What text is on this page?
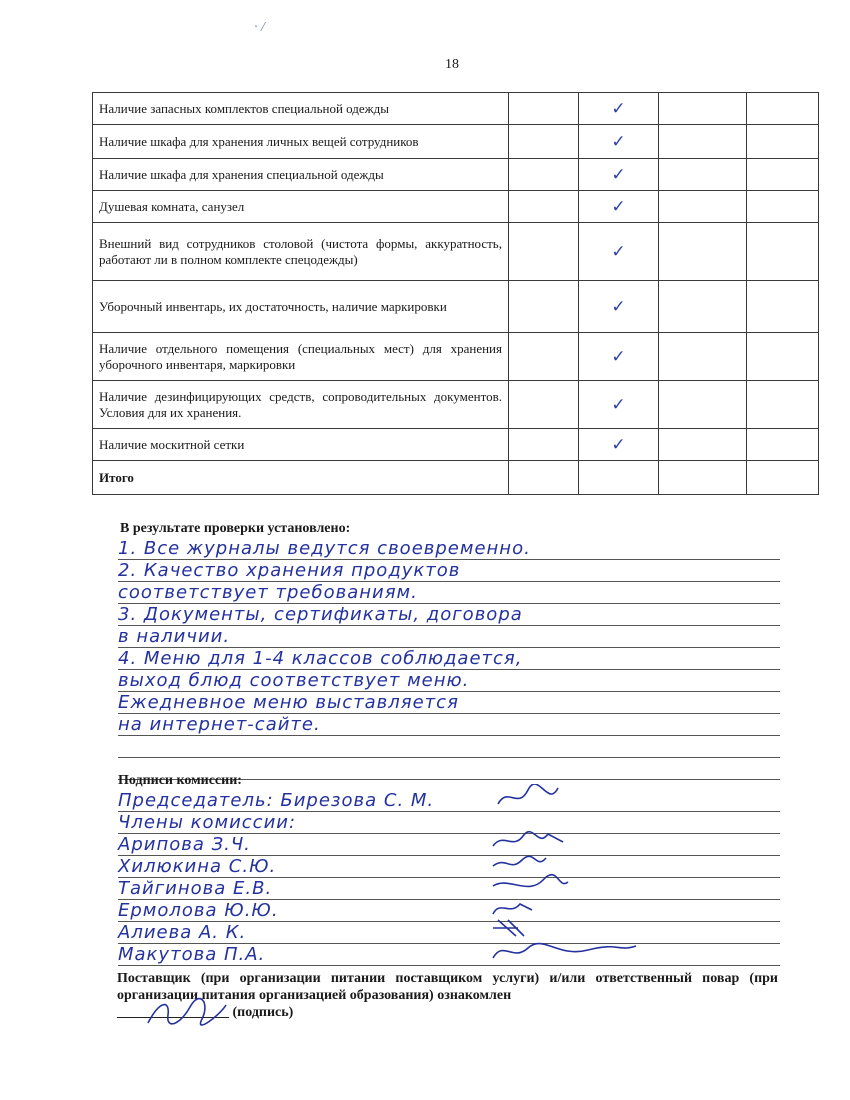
18
· /
Наличие запасных комплектов специальной одежды		✓		
Наличие шкафа для хранения личных вещей сотрудников		✓		
Наличие шкафа для хранения специальной одежды		✓		
Душевая комната, санузел		✓		
Внешний вид сотрудников столовой (чистота формы, аккуратность, работают ли в полном комплекте спецодежды)		✓		
Уборочный инвентарь, их достаточность, наличие маркировки		✓		
Наличие отдельного помещения (специальных мест) для хранения уборочного инвентаря, маркировки		✓		
Наличие дезинфицирующих средств, сопроводительных документов. Условия для их хранения.		✓		
Наличие москитной сетки		✓		
Итого				
В результате проверки установлено:
1. Все журналы ведутся своевременно.
2. Качество хранения продуктов
соответствует требованиям.
3. Документы, сертификаты, договора
в наличии.
4. Меню для 1-4 классов соблюдается,
выход блюд соответствует меню.
Ежедневное меню выставляется
на интернет-сайте.
Подписи комиссии:
Председатель: Бирезова С. М.
Члены комиссии:
Арипова З.Ч.
Хилюкина С.Ю.
Тайгинова Е.В.
Ермолова Ю.Ю.
Алиева А. К.
Макутова П.А.
Поставщик (при организации питании поставщиком услуги) и/или ответственный повар (при организации питания организацией образования) ознакомлен
________________ (подпись)
